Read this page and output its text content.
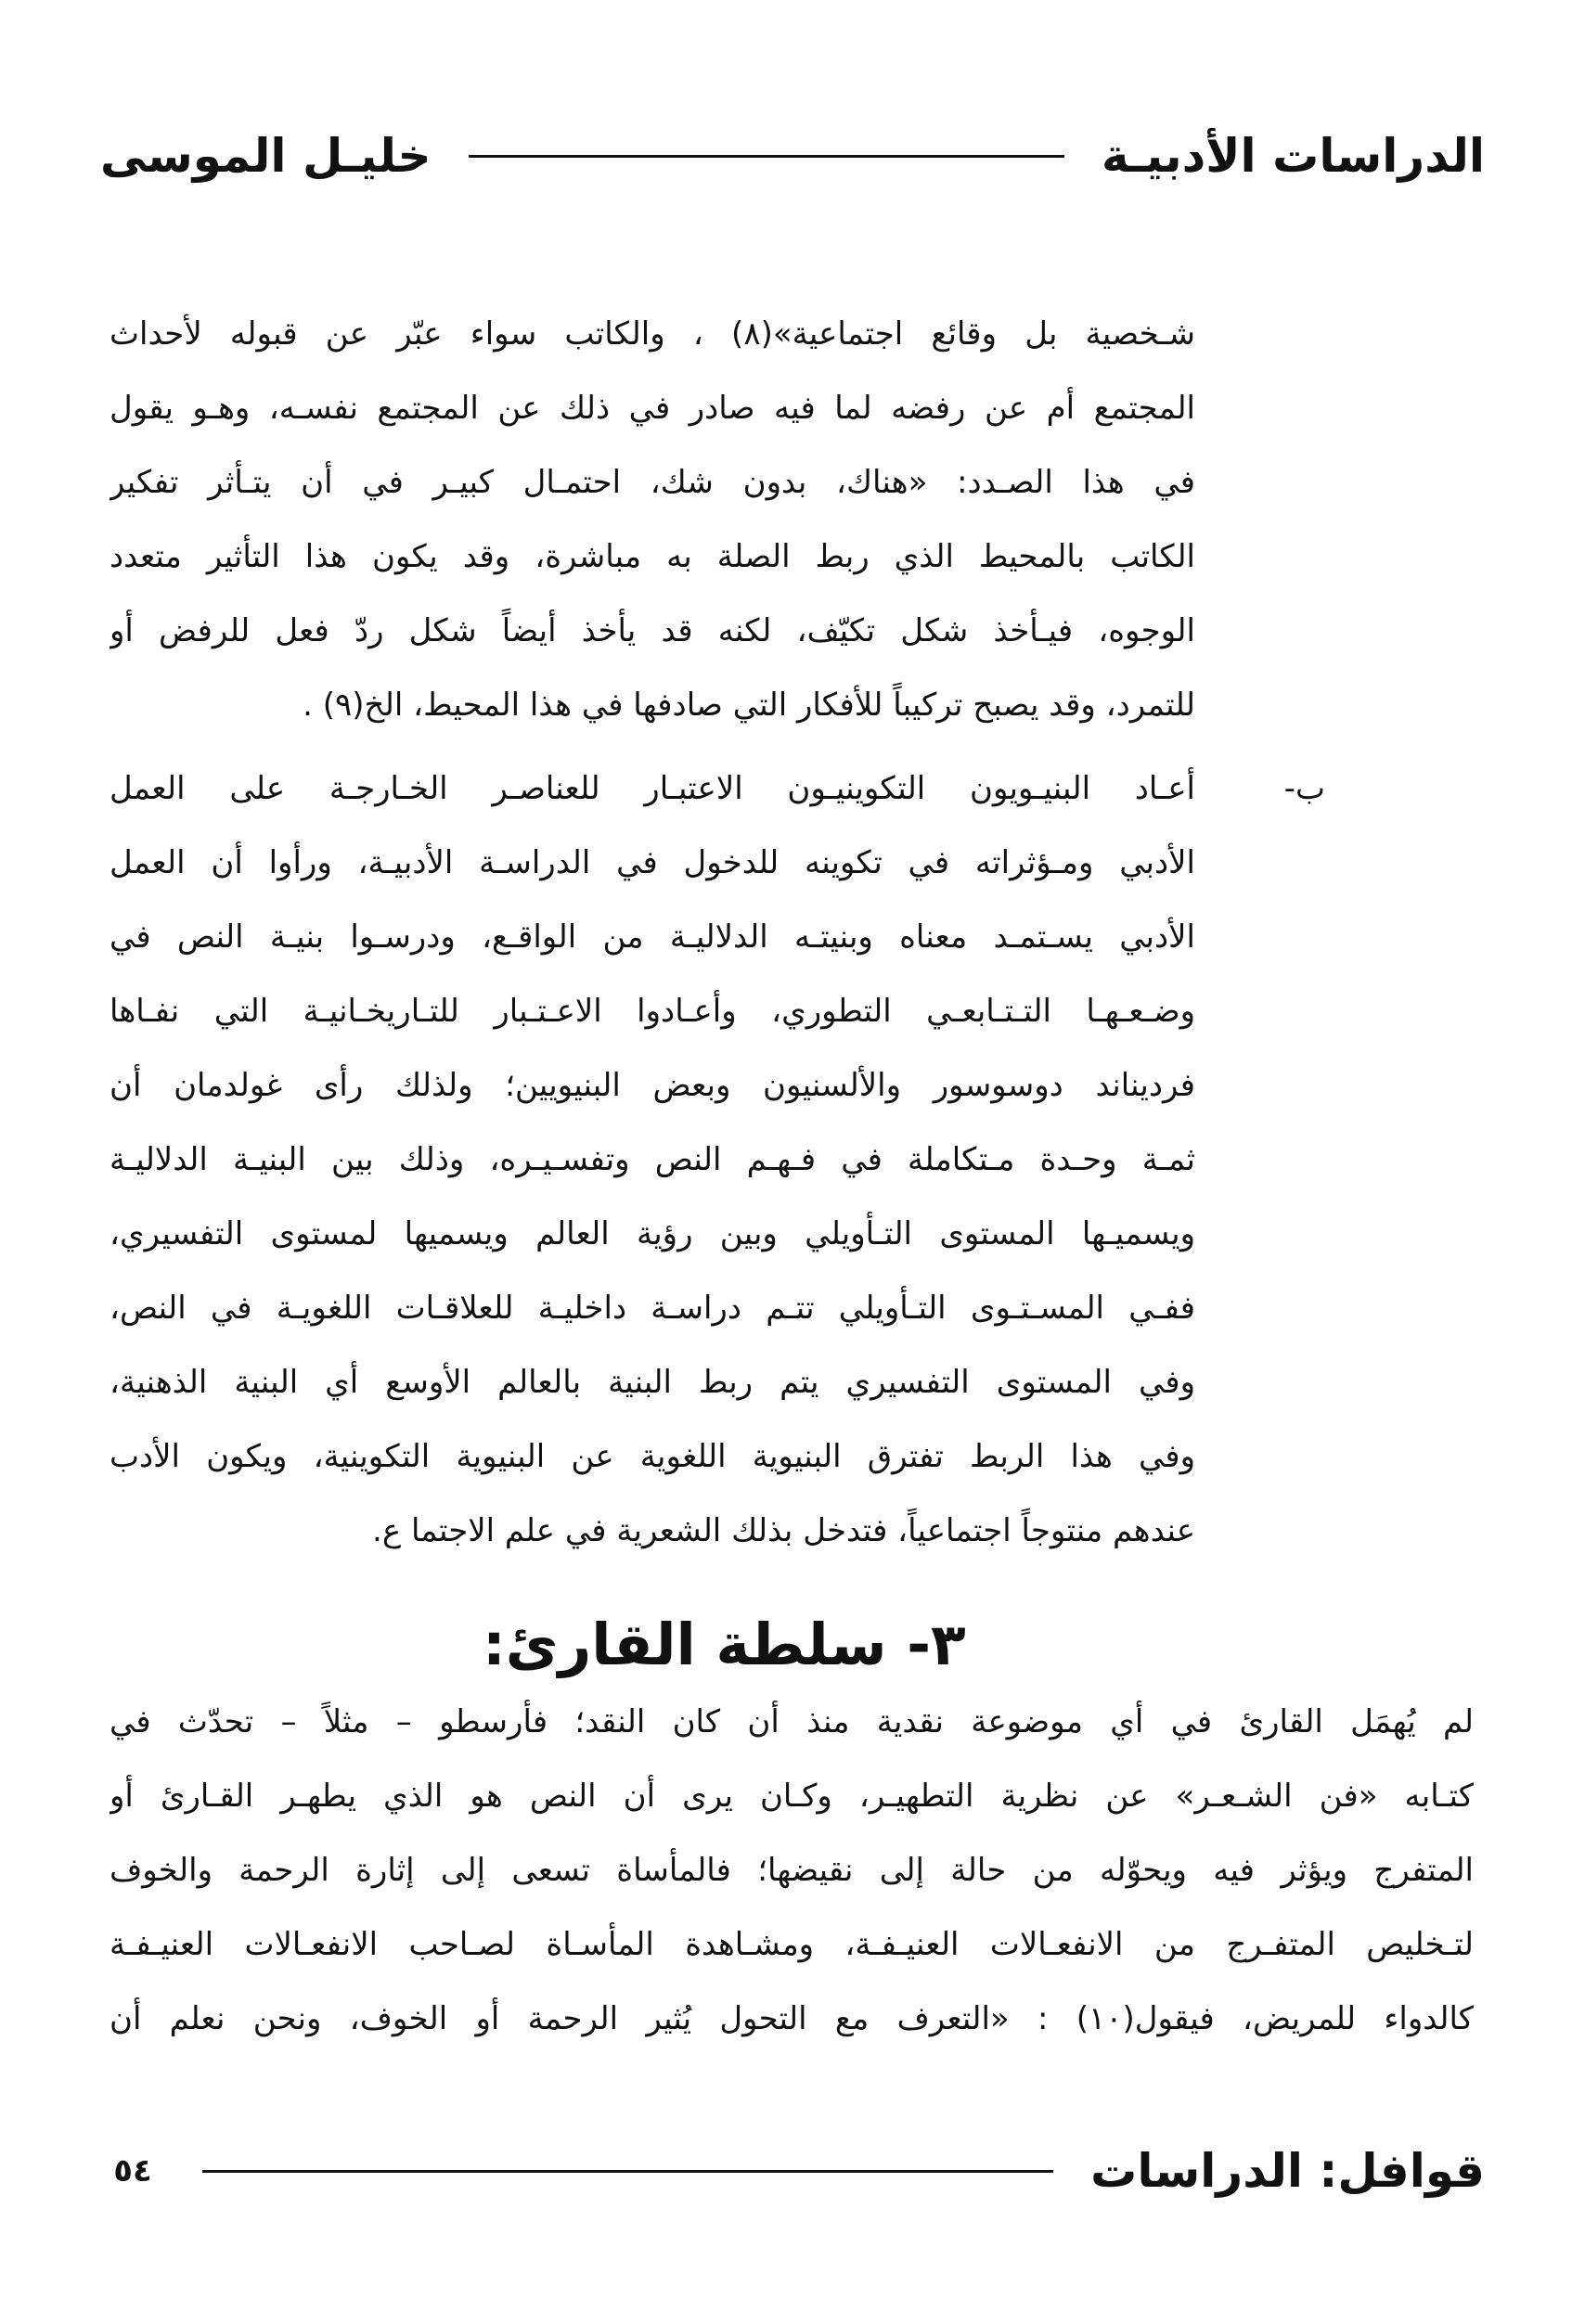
الدراسات الأدبيـة
خليـل الموسى
شـخصية بل وقائع اجتماعية»(٨) ، والكاتب سواء عبّر عن قبوله لأحداث
المجتمع أم عن رفضه لما فيه صادر في ذلك عن المجتمع نفسـه، وهـو يقول
في هذا الصـدد: «هناك، بدون شك، احتمـال كبيـر في أن يتـأثر تفكير
الكاتب بالمحيط الذي ربط الصلة به مباشرة، وقد يكون هذا التأثير متعدد
الوجوه، فيـأخذ شكل تكيّف، لكنه قد يأخذ أيضاً شكل ردّ فعل للرفض أو
للتمرد، وقد يصبح تركيباً للأفكار التي صادفها في هذا المحيط، الخ(٩) .
ب-
أعـاد البنيـويون التكوينيـون الاعتبـار للعناصـر الخـارجـة على العمل
الأدبي ومـؤثراته في تكوينه للدخول في الدراسـة الأدبيـة، ورأوا أن العمل
الأدبي يسـتمـد معناه وبنيتـه الدلاليـة من الواقـع، ودرسـوا بنيـة النص في
وضـعـهـا التـتـابعـي التطوري، وأعـادوا الاعـتـبار للتـاريخـانيـة التي نفـاها
فرديناند دوسوسور والألسنيون وبعض البنيويين؛ ولذلك رأى غولدمان أن
ثمـة وحـدة مـتكاملة في فـهـم النص وتفسـيـره، وذلك بين البنيـة الدلاليـة
ويسميـها المستوى التـأويلي وبين رؤية العالم ويسميها لمستوى التفسيري،
ففـي المسـتـوى التـأويلي تتـم دراسـة داخليـة للعلاقـات اللغويـة في النص،
وفي المستوى التفسيري يتم ربط البنية بالعالم الأوسع أي البنية الذهنية،
وفي هذا الربط تفترق البنيوية اللغوية عن البنيوية التكوينية، ويكون الأدب
عندهم منتوجاً اجتماعياً، فتدخل بذلك الشعرية في علم الاجتما ع.
٣- سلطة القارئ:
لم يُهمَل القارئ في أي موضوعة نقدية منذ أن كان النقد؛ فأرسطو – مثلاً – تحدّث في
كتـابه «فن الشـعـر» عن نظرية التطهيـر، وكـان يرى أن النص هو الذي يطهـر القـارئ أو
المتفرج ويؤثر فيه ويحوّله من حالة إلى نقيضها؛ فالمأساة تسعى إلى إثارة الرحمة والخوف
لتـخليص المتفـرج من الانفعـالات العنيـفـة، ومشـاهدة المأسـاة لصـاحب الانفعـالات العنيـفـة
كالدواء للمريض، فيقول(١٠) : «التعرف مع التحول يُثير الرحمة أو الخوف، ونحن نعلم أن
قوافل: الدراسات
٥٤
